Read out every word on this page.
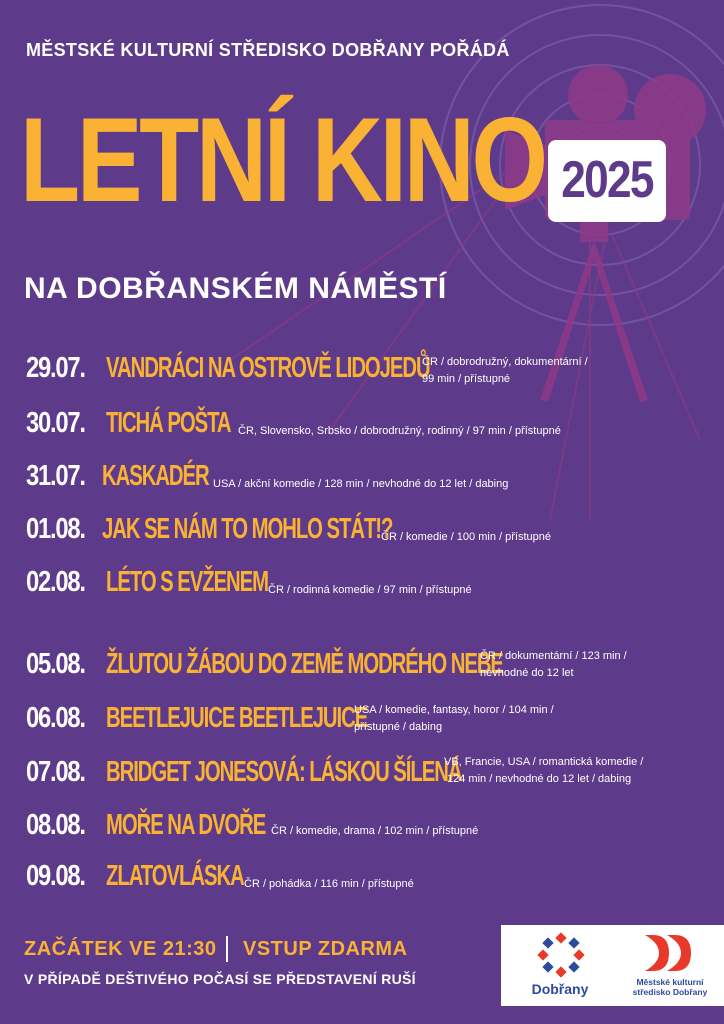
MĚSTSKÉ KULTURNÍ STŘEDISKO DOBŘANY POŘÁDÁ
LETNÍ KINO 2025
NA DOBŘANSKÉM NÁMĚSTÍ
29.07. VANDRÁCI NA OSTROVĚ LIDOJEDŮ
ČR / dobrodružný, dokumentární /
99 min / přístupné
30.07. TICHÁ POŠTA ČR, Slovensko, Srbsko / dobrodružný, rodinný / 97 min / přístupné
31.07. KASKADÉR USA / akční komedie / 128 min / nevhodné do 12 let / dabing
01.08. JAK SE NÁM TO MOHLO STÁT!?
ČR / komedie / 100 min / přístupné
02.08. LÉTO S EVŽENEM ČR / rodinná komedie / 97 min / přístupné
05.08. ŽLUTOU ŽÁBOU DO ZEMĚ MODRÉHO NEBE
ČR / dokumentární / 123 min /
nevhodné do 12 let
06.08. BEETLEJUICE BEETLEJUICE
USA / komedie, fantasy, horor / 104 min /
přístupné / dabing
07.08. BRIDGET JONESOVÁ: LÁSKOU ŠÍLENÁ
VB, Francie, USA / romantická komedie /
124 min / nevhodné do 12 let / dabing
08.08. MOŘE NA DVOŘE ČR / komedie, drama / 102 min / přístupné
09.08. ZLATOVLÁSKA ČR / pohádka / 116 min / přístupné
ZAČÁTEK VE 21:30 VSTUP ZDARMA
V PŘÍPADĚ DEŠTIVÉHO POČASÍ SE PŘEDSTAVENÍ RUŠÍ
Dobřany	Městské kulturní
středisko Dobřany
